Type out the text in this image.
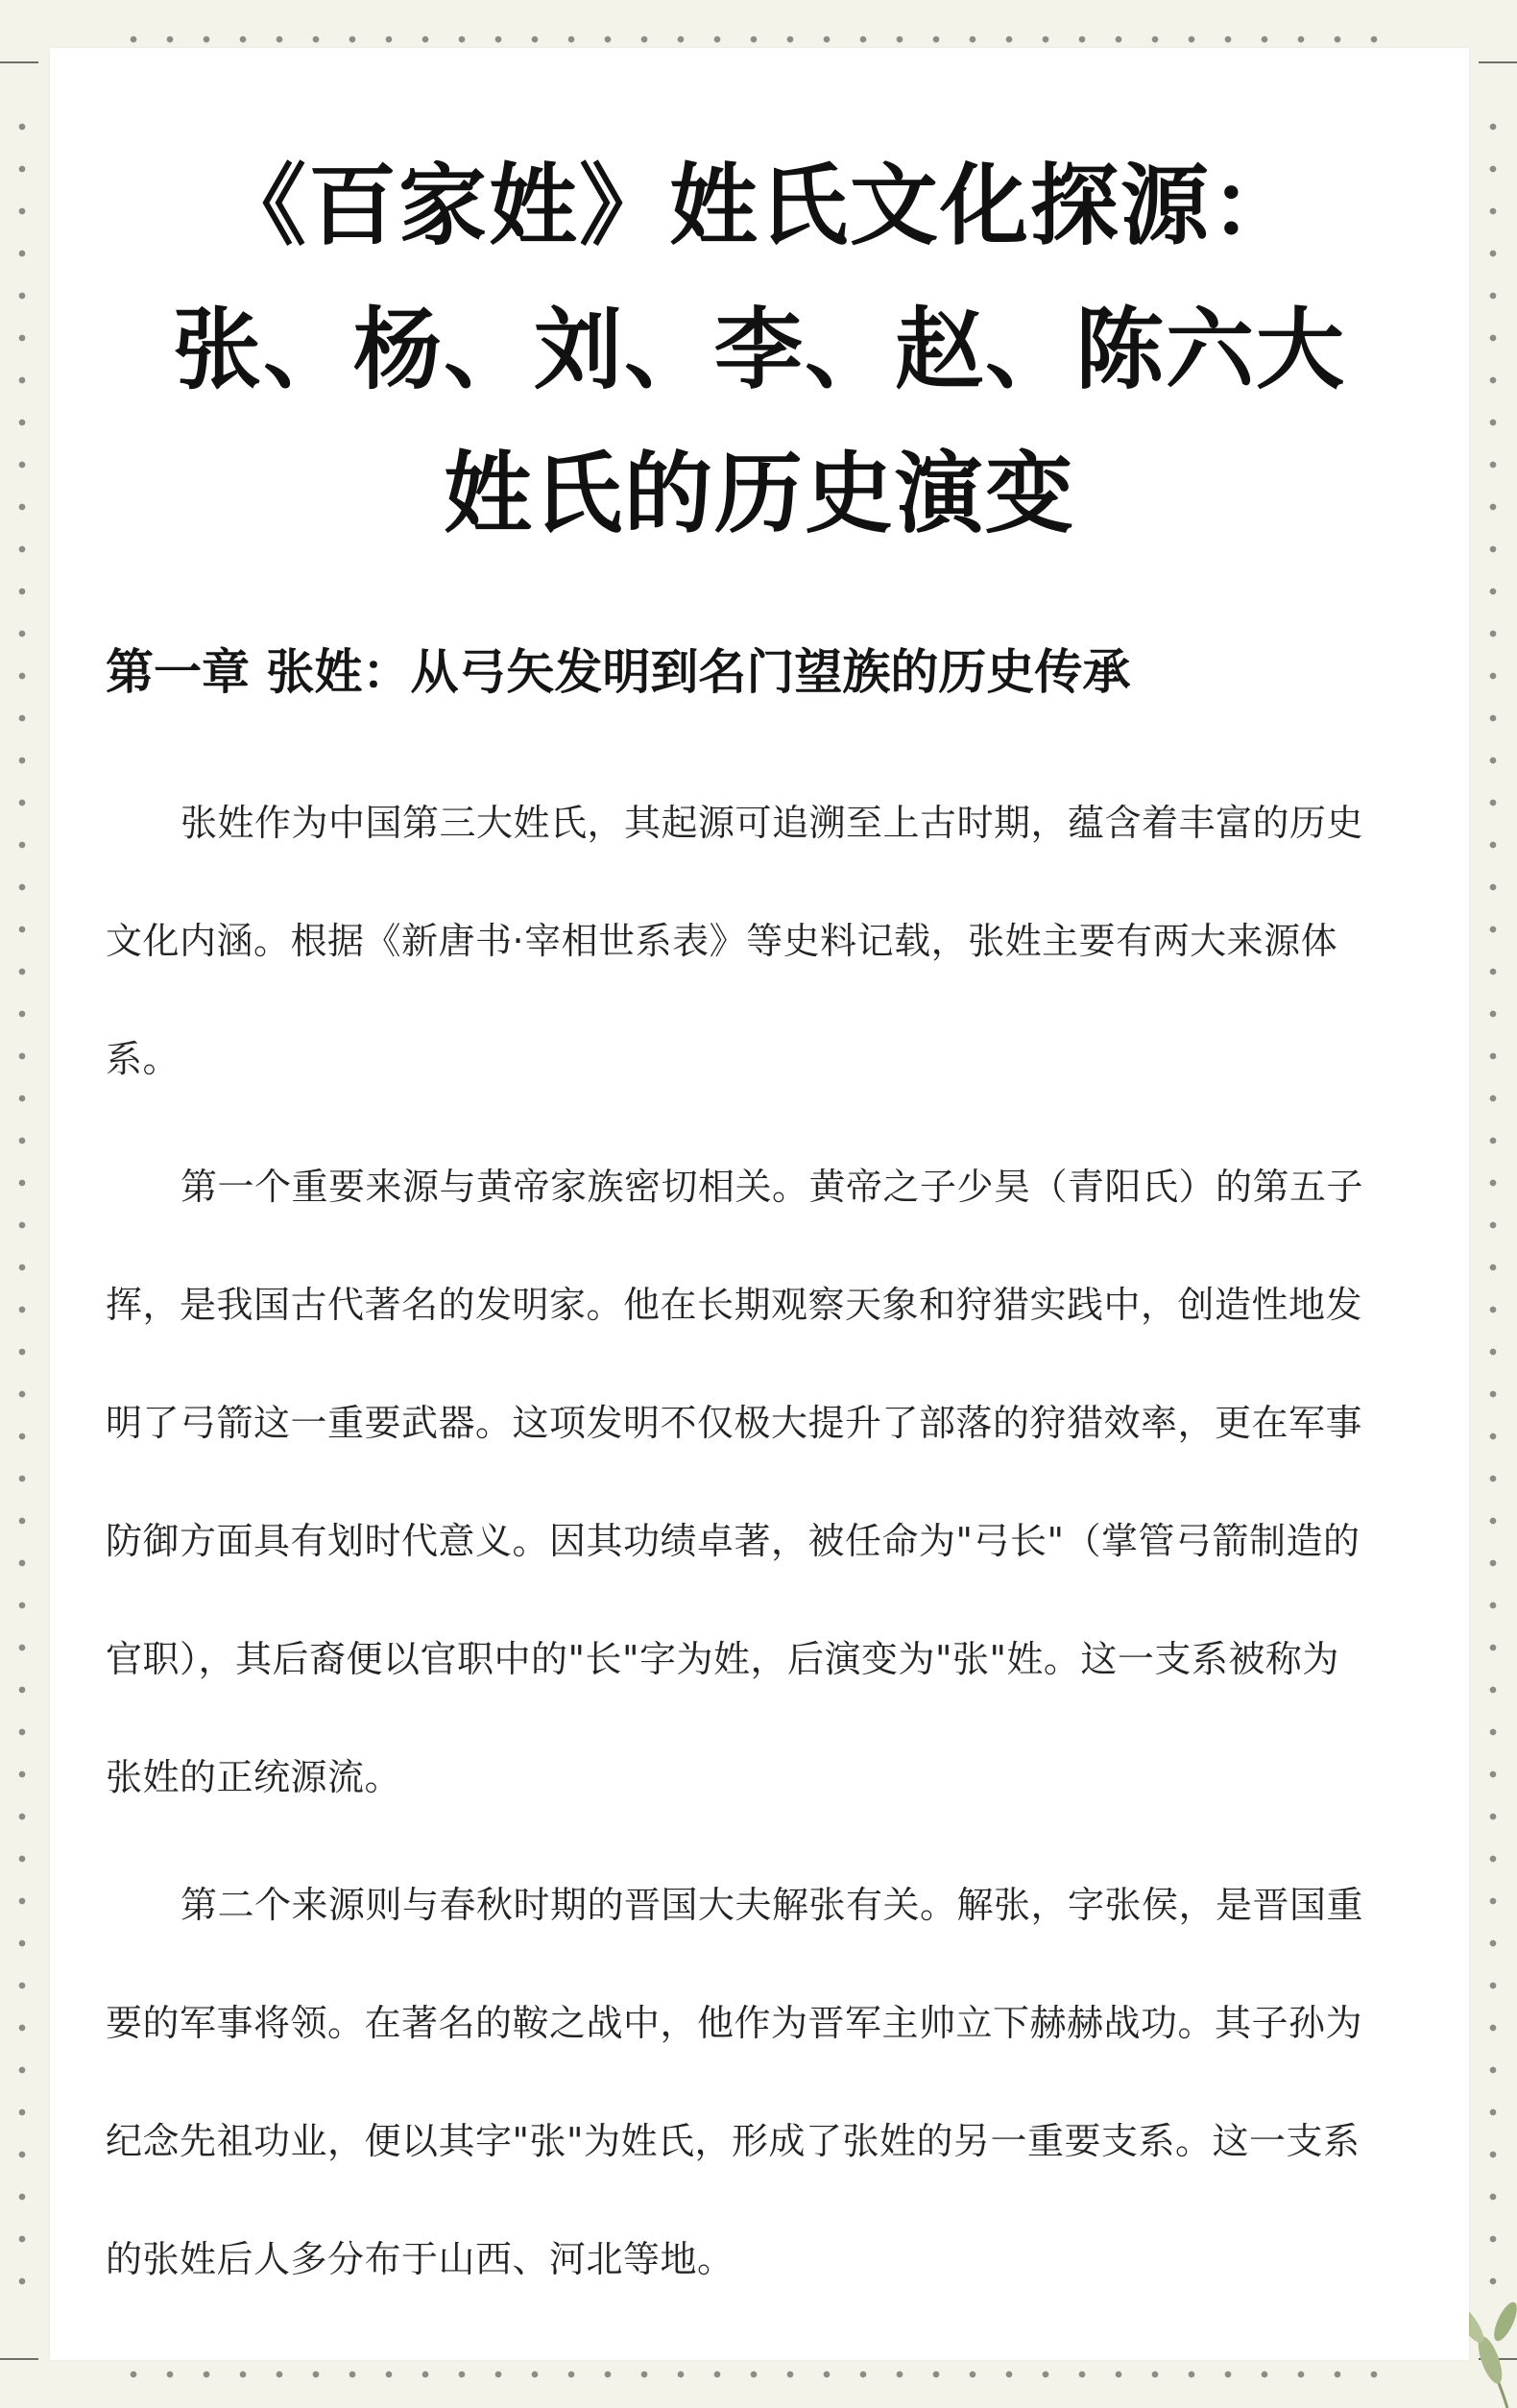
《百家姓》姓氏文化探源：
张、杨、刘、李、赵、陈六大
姓氏的历史演变
第一章 张姓：从弓矢发明到名门望族的历史传承

张姓作为中国第三大姓氏，其起源可追溯至上古时期，蕴含着丰富的历史
文化内涵。根据《新唐书·宰相世系表》等史料记载，张姓主要有两大来源体
系。

第一个重要来源与黄帝家族密切相关。黄帝之子少昊（青阳氏）的第五子
挥，是我国古代著名的发明家。他在长期观察天象和狩猎实践中，创造性地发
明了弓箭这一重要武器。这项发明不仅极大提升了部落的狩猎效率，更在军事
防御方面具有划时代意义。因其功绩卓著，被任命为"弓长"（掌管弓箭制造的
官职），其后裔便以官职中的"长"字为姓，后演变为"张"姓。这一支系被称为
张姓的正统源流。

第二个来源则与春秋时期的晋国大夫解张有关。解张，字张侯，是晋国重
要的军事将领。在著名的鞍之战中，他作为晋军主帅立下赫赫战功。其子孙为
纪念先祖功业，便以其字"张"为姓氏，形成了张姓的另一重要支系。这一支系
的张姓后人多分布于山西、河北等地。
